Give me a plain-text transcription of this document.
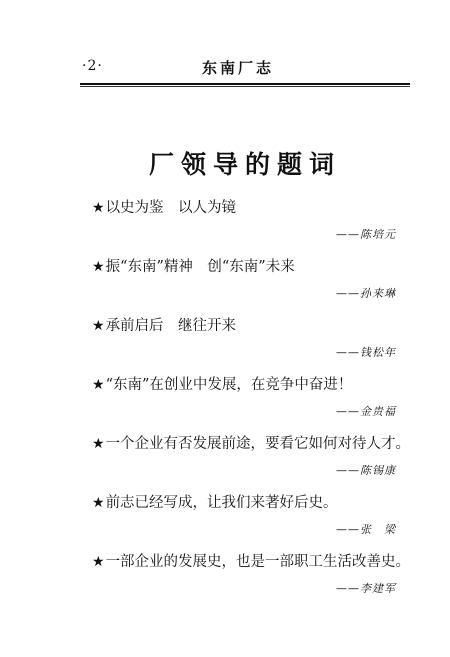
·2·	东南厂志
厂领导的题词
★以史为鉴　以人为镜
——陈培元
★振“东南”精神　创“东南”未来
——孙来琳
★承前启后　继往开来
——钱松年
★“东南”在创业中发展，在竞争中奋进！
——金贵福
★一个企业有否发展前途，要看它如何对待人才。
——陈锡康
★前志已经写成，让我们来著好后史。
——张　梁
★一部企业的发展史，也是一部职工生活改善史。
——李建军
